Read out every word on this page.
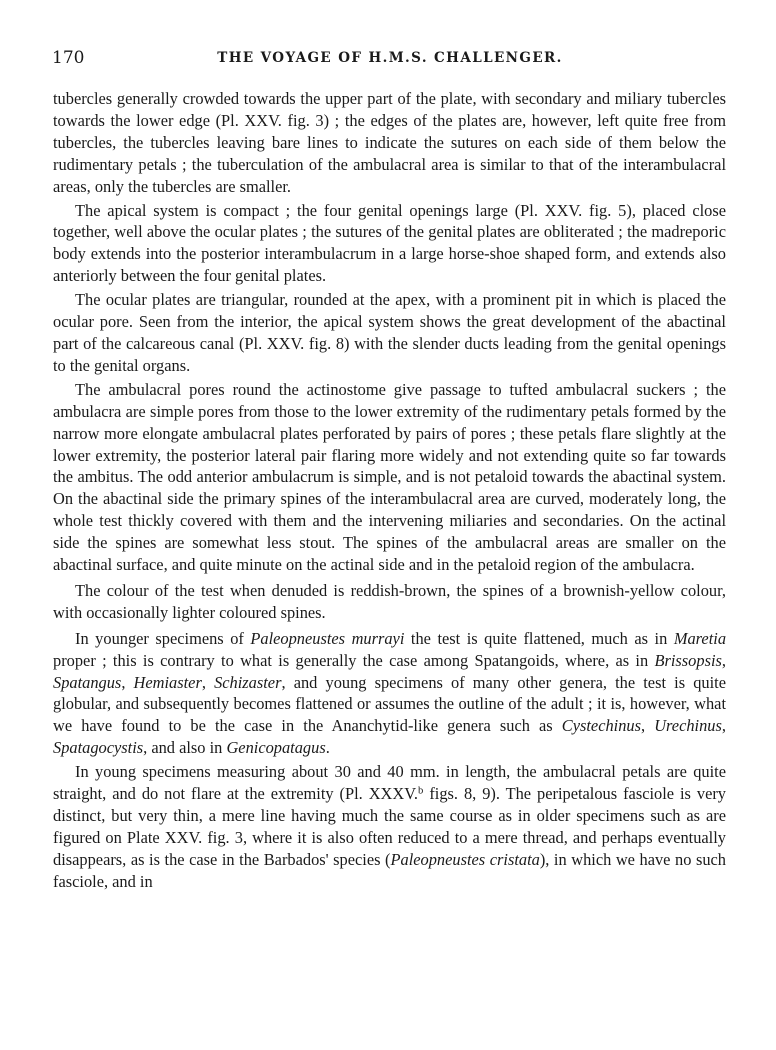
170	THE VOYAGE OF H.M.S. CHALLENGER.

tubercles generally crowded towards the upper part of the plate, with secondary and miliary tubercles towards the lower edge (Pl. XXV. fig. 3) ; the edges of the plates are, however, left quite free from tubercles, the tubercles leaving bare lines to indicate the sutures on each side of them below the rudimentary petals ; the tuberculation of the ambulacral area is similar to that of the interambulacral areas, only the tubercles are smaller.

The apical system is compact ; the four genital openings large (Pl. XXV. fig. 5), placed close together, well above the ocular plates ; the sutures of the genital plates are obliterated ; the madreporic body extends into the posterior interambulacrum in a large horse-shoe shaped form, and extends also anteriorly between the four genital plates.

The ocular plates are triangular, rounded at the apex, with a prominent pit in which is placed the ocular pore. Seen from the interior, the apical system shows the great development of the abactinal part of the calcareous canal (Pl. XXV. fig. 8) with the slender ducts leading from the genital openings to the genital organs.

The ambulacral pores round the actinostome give passage to tufted ambulacral suckers ; the ambulacra are simple pores from those to the lower extremity of the rudimentary petals formed by the narrow more elongate ambulacral plates perforated by pairs of pores ; these petals flare slightly at the lower extremity, the posterior lateral pair flaring more widely and not extending quite so far towards the ambitus. The odd anterior ambulacrum is simple, and is not petaloid towards the abactinal system. On the abactinal side the primary spines of the interambulacral area are curved, moderately long, the whole test thickly covered with them and the intervening miliaries and secondaries. On the actinal side the spines are somewhat less stout. The spines of the ambulacral areas are smaller on the abactinal surface, and quite minute on the actinal side and in the petaloid region of the ambulacra.

The colour of the test when denuded is reddish-brown, the spines of a brownish-yellow colour, with occasionally lighter coloured spines.

In younger specimens of Paleopneustes murrayi the test is quite flattened, much as in Maretia proper ; this is contrary to what is generally the case among Spatangoids, where, as in Brissopsis, Spatangus, Hemiaster, Schizaster, and young specimens of many other genera, the test is quite globular, and subsequently becomes flattened or assumes the outline of the adult ; it is, however, what we have found to be the case in the Ananchytid-like genera such as Cystechinus, Urechinus, Spatagocystis, and also in Genicopatagus.

In young specimens measuring about 30 and 40 mm. in length, the ambulacral petals are quite straight, and do not flare at the extremity (Pl. XXXV.$^b$ figs. 8, 9). The peripetalous fasciole is very distinct, but very thin, a mere line having much the same course as in older specimens such as are figured on Plate XXV. fig. 3, where it is also often reduced to a mere thread, and perhaps eventually disappears, as is the case in the Barbados' species (Paleopneustes cristata), in which we have no such fasciole, and in
